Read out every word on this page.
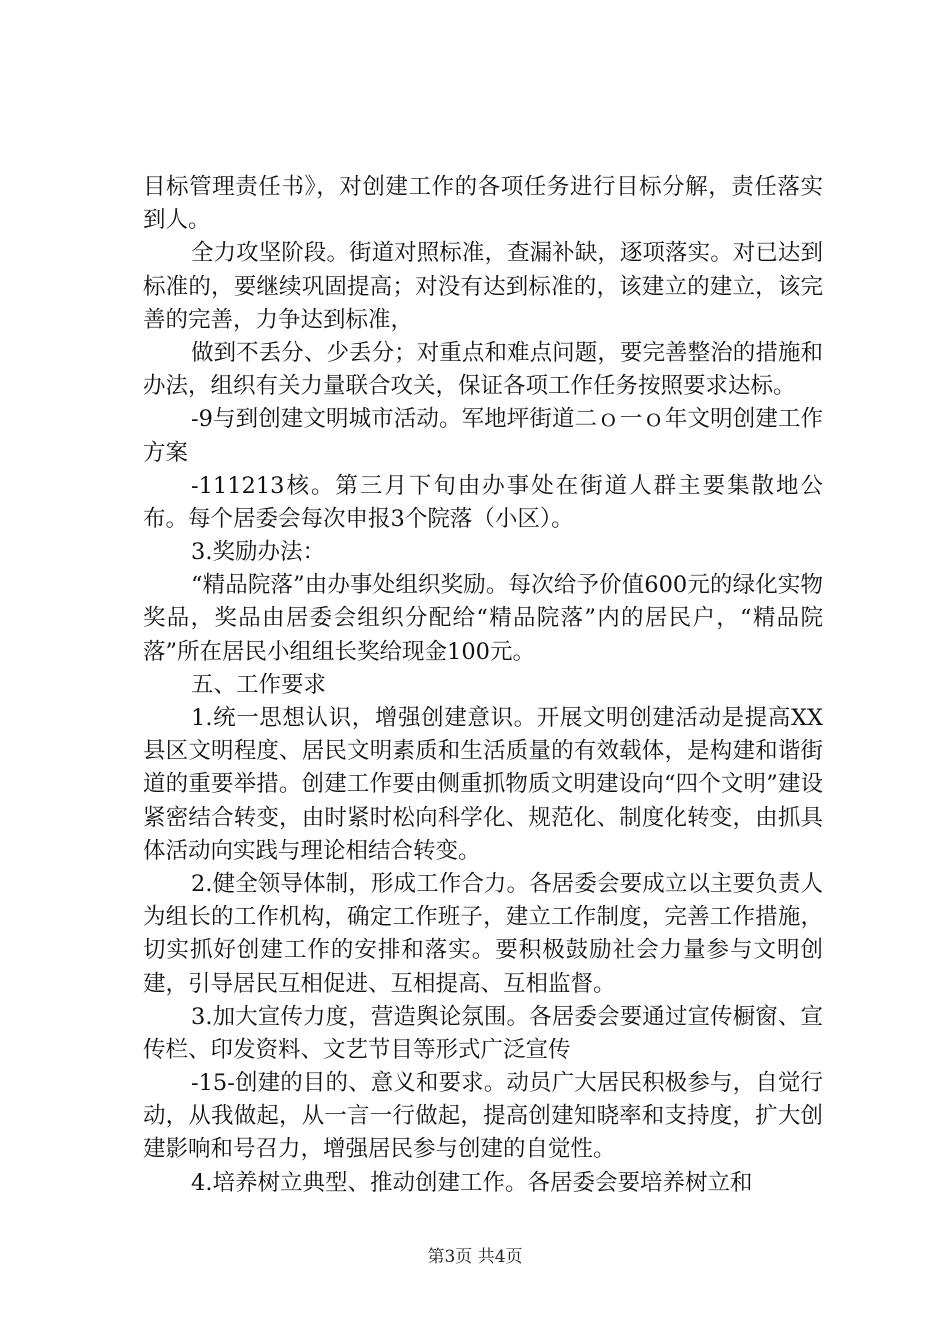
目标管理责任书》，对创建工作的各项任务进行目标分解，责任落实到人。

全力攻坚阶段。街道对照标准，查漏补缺，逐项落实。对已达到标准的，要继续巩固提高；对没有达到标准的，该建立的建立，该完善的完善，力争达到标准，

做到不丢分、少丢分；对重点和难点问题，要完善整治的措施和办法，组织有关力量联合攻关，保证各项工作任务按照要求达标。

-9与到创建文明城市活动。军地坪街道二ｏ一ｏ年文明创建工作方案

-111213核。第三月下旬由办事处在街道人群主要集散地公布。每个居委会每次申报3个院落（小区）。

3.奖励办法：

“精品院落”由办事处组织奖励。每次给予价值600元的绿化实物奖品，奖品由居委会组织分配给“精品院落”内的居民户，“精品院落”所在居民小组组长奖给现金100元。

五、工作要求

1.统一思想认识，增强创建意识。开展文明创建活动是提高XX县区文明程度、居民文明素质和生活质量的有效载体，是构建和谐街道的重要举措。创建工作要由侧重抓物质文明建设向“四个文明”建设紧密结合转变，由时紧时松向科学化、规范化、制度化转变，由抓具体活动向实践与理论相结合转变。

2.健全领导体制，形成工作合力。各居委会要成立以主要负责人为组长的工作机构，确定工作班子，建立工作制度，完善工作措施，切实抓好创建工作的安排和落实。要积极鼓励社会力量参与文明创建，引导居民互相促进、互相提高、互相监督。

3.加大宣传力度，营造舆论氛围。各居委会要通过宣传橱窗、宣传栏、印发资料、文艺节目等形式广泛宣传

-15-创建的目的、意义和要求。动员广大居民积极参与，自觉行动，从我做起，从一言一行做起，提高创建知晓率和支持度，扩大创建影响和号召力，增强居民参与创建的自觉性。

4.培养树立典型、推动创建工作。各居委会要培养树立和

第3页 共4页
